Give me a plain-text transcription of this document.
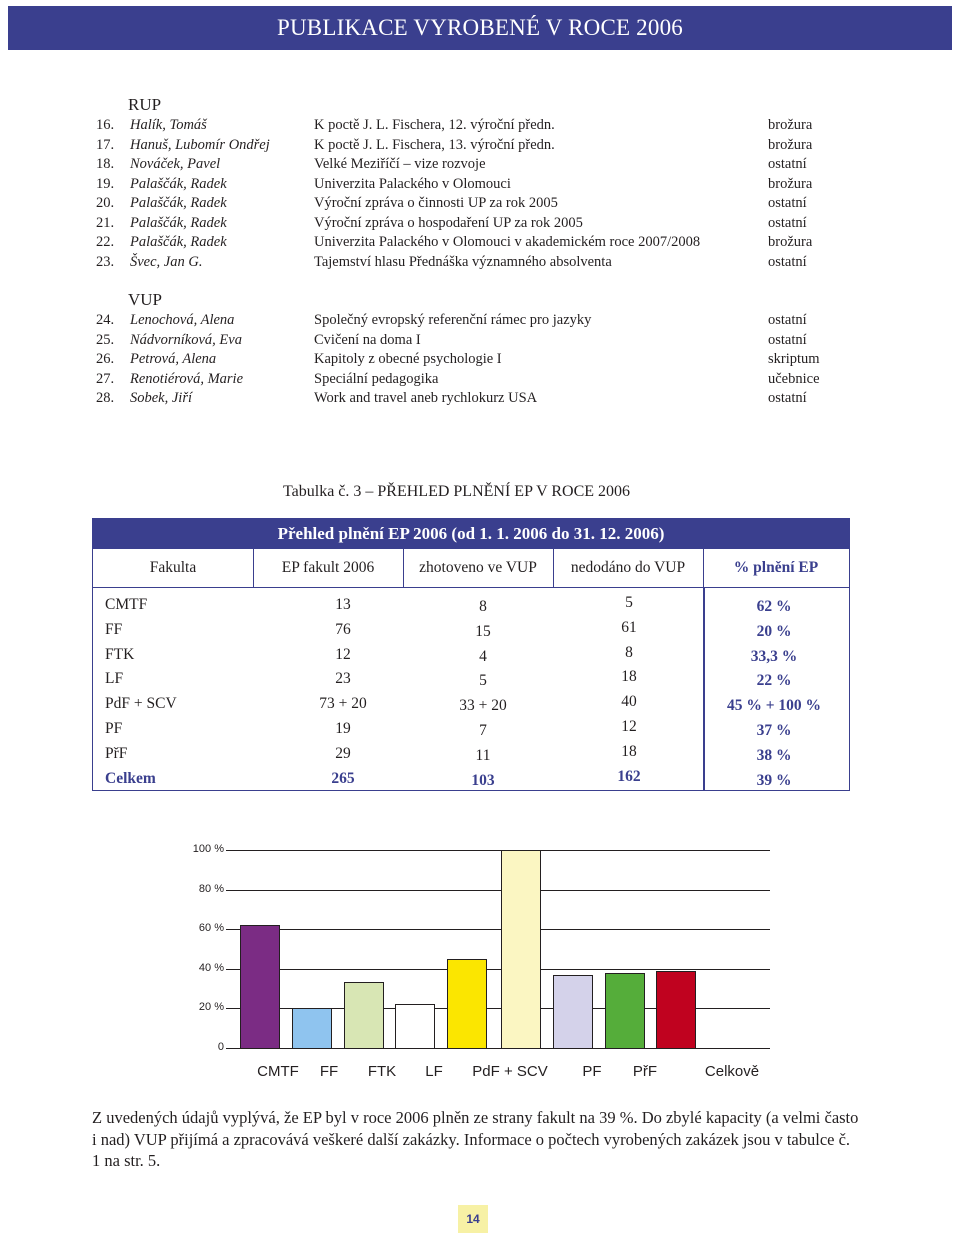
PUBLIKACE VYROBENÉ V ROCE 2006
RUP
16. Halík, Tomáš	K poctě J. L. Fischera, 12. výroční předn.	brožura
17. Hanuš, Lubomír Ondřej	K poctě J. L. Fischera, 13. výroční předn.	brožura
18. Nováček, Pavel	Velké Meziříčí – vize rozvoje	ostatní
19. Palaščák, Radek	Univerzita Palackého v Olomouci	brožura
20. Palaščák, Radek	Výroční zpráva o činnosti UP za rok 2005	ostatní
21. Palaščák, Radek	Výroční zpráva o hospodaření UP za rok 2005	ostatní
22. Palaščák, Radek	Univerzita Palackého v Olomouci v akademickém roce 2007/2008	brožura
23. Švec, Jan G.	Tajemství hlasu Přednáška významného absolventa	ostatní
VUP
24. Lenochová, Alena	Společný evropský referenční rámec pro jazyky	ostatní
25. Nádvorníková, Eva	Cvičení na doma I	ostatní
26. Petrová, Alena	Kapitoly z obecné psychologie I	skriptum
27. Renotiérová, Marie	Speciální pedagogika	učebnice
28. Sobek, Jiří	Work and travel aneb rychlokurz USA	ostatní
Tabulka č. 3 – PŘEHLED PLNĚNÍ EP V ROCE 2006
Přehled plnění EP 2006 (od 1. 1. 2006 do 31. 12. 2006)
Fakulta	EP fakult 2006	zhotoveno ve VUP	nedodáno do VUP	% plnění EP
CMTF	13	8	5	62 %
FF	76	15	61	20 %
FTK	12	4	8	33,3 %
LF	23	5	18	22 %
PdF + SCV	73 + 20	33 + 20	40	45 % + 100 %
PF	19	7	12	37 %
PřF	29	11	18	38 %
Celkem	265	103	162	39 %
0
20 %
40 %
60 %
80 %
100 %
CMTF	FF	FTK	LF	PdF + SCV	PF	PřF	Celkově
Z uvedených údajů vyplývá, že EP byl v roce 2006 plněn ze strany fakult na 39 %. Do zbylé kapacity (a velmi často i nad) VUP přijímá a zpracovává veškeré další zakázky. Informace o počtech vyrobených zakázek jsou v tabulce č. 1 na str. 5.
14
